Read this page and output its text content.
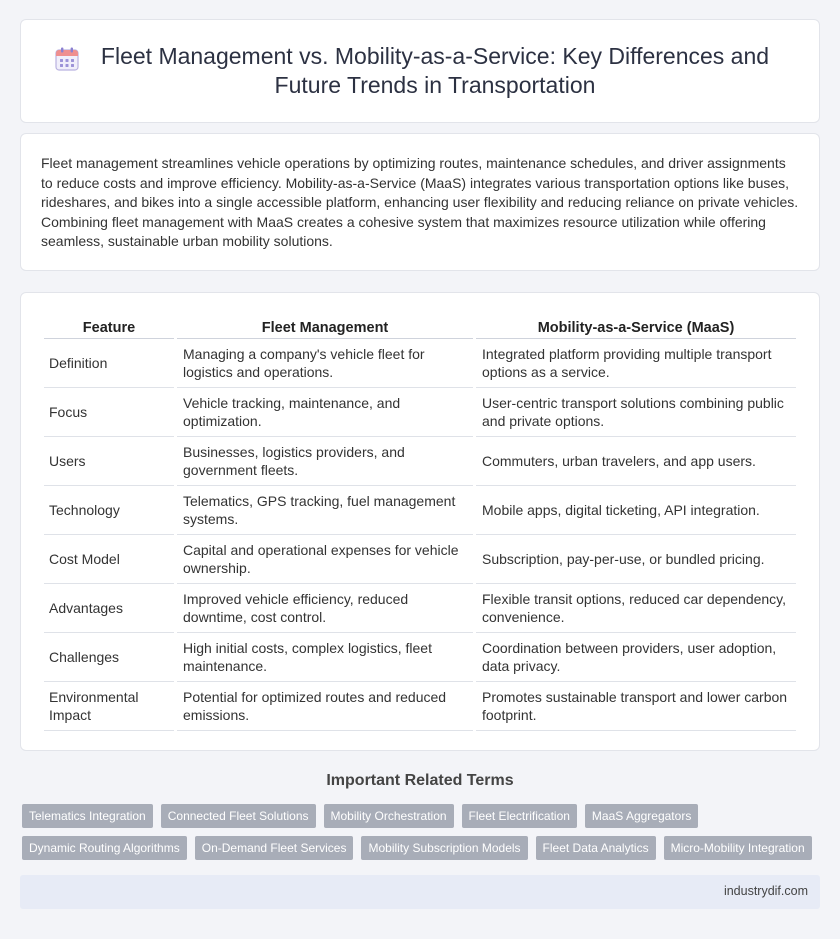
Fleet Management vs. Mobility-as-a-Service: Key Differences and Future Trends in Transportation

Fleet management streamlines vehicle operations by optimizing routes, maintenance schedules, and driver assignments to reduce costs and improve efficiency. Mobility-as-a-Service (MaaS) integrates various transportation options like buses, rideshares, and bikes into a single accessible platform, enhancing user flexibility and reducing reliance on private vehicles. Combining fleet management with MaaS creates a cohesive system that maximizes resource utilization while offering seamless, sustainable urban mobility solutions.

Feature	Fleet Management	Mobility-as-a-Service (MaaS)
Definition	Managing a company's vehicle fleet for logistics and operations.	Integrated platform providing multiple transport options as a service.
Focus	Vehicle tracking, maintenance, and optimization.	User-centric transport solutions combining public and private options.
Users	Businesses, logistics providers, and government fleets.	Commuters, urban travelers, and app users.
Technology	Telematics, GPS tracking, fuel management systems.	Mobile apps, digital ticketing, API integration.
Cost Model	Capital and operational expenses for vehicle ownership.	Subscription, pay-per-use, or bundled pricing.
Advantages	Improved vehicle efficiency, reduced downtime, cost control.	Flexible transit options, reduced car dependency, convenience.
Challenges	High initial costs, complex logistics, fleet maintenance.	Coordination between providers, user adoption, data privacy.
Environmental Impact	Potential for optimized routes and reduced emissions.	Promotes sustainable transport and lower carbon footprint.
Important Related Terms
Telematics Integration	Connected Fleet Solutions	Mobility Orchestration	Fleet Electrification	MaaS Aggregators
Dynamic Routing Algorithms	On-Demand Fleet Services	Mobility Subscription Models	Fleet Data Analytics	Micro-Mobility Integration
industrydif.com
